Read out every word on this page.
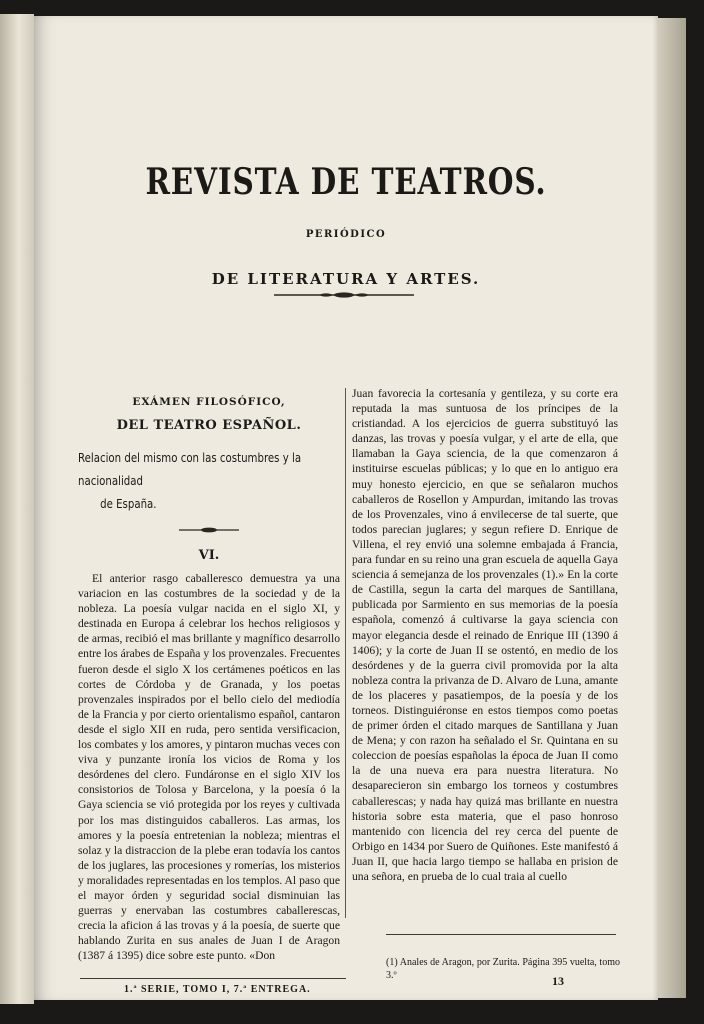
REVISTA DE TEATROS.
PERIÓDICO
DE LITERATURA Y ARTES.
EXÁMEN FILOSÓFICO,
DEL TEATRO ESPAÑOL.
Relacion del mismo con las costumbres y la nacionalidad
de España.
VI.

El anterior rasgo caballeresco demuestra ya una variacion en las costumbres de la sociedad y de la nobleza. La poesía vulgar nacida en el siglo XI, y destinada en Europa á celebrar los hechos religiosos y de armas, recibió el mas brillante y magnífico desarrollo entre los árabes de España y los provenzales. Frecuentes fueron desde el siglo X los certámenes poéticos en las cortes de Córdoba y de Granada, y los poetas provenzales inspirados por el bello cielo del mediodía de la Francia y por cierto orientalismo español, cantaron desde el siglo XII en ruda, pero sentida versificacion, los combates y los amores, y pintaron muchas veces con viva y punzante ironía los vicios de Roma y los desórdenes del clero. Fundáronse en el siglo XIV los consistorios de Tolosa y Barcelona, y la poesía ó la Gaya sciencia se vió protegida por los reyes y cultivada por los mas distinguidos caballeros. Las armas, los amores y la poesía entretenian la nobleza; mientras el solaz y la distraccion de la plebe eran todavía los cantos de los juglares, las procesiones y romerías, los misterios y moralidades representadas en los templos. Al paso que el mayor órden y seguridad social disminuian las guerras y enervaban las costumbres caballerescas, crecia la aficion á las trovas y á la poesía, de suerte que hablando Zurita en sus anales de Juan I de Aragon (1387 á 1395) dice sobre este punto. «Don

Juan favorecia la cortesanía y gentileza, y su corte era reputada la mas suntuosa de los príncipes de la cristiandad. A los ejercicios de guerra substituyó las danzas, las trovas y poesía vulgar, y el arte de ella, que llamaban la Gaya sciencia, de la que comenzaron á instituirse escuelas públicas; y lo que en lo antiguo era muy honesto ejercicio, en que se señalaron muchos caballeros de Rosellon y Ampurdan, imitando las trovas de los Provenzales, vino á envilecerse de tal suerte, que todos parecian juglares; y segun refiere D. Enrique de Villena, el rey envió una solemne embajada á Francia, para fundar en su reino una gran escuela de aquella Gaya sciencia á semejanza de los provenzales (1).» En la corte de Castilla, segun la carta del marques de Santillana, publicada por Sarmiento en sus memorias de la poesía española, comenzó á cultivarse la gaya sciencia con mayor elegancia desde el reinado de Enrique III (1390 á 1406); y la corte de Juan II se ostentó, en medio de los desórdenes y de la guerra civil promovida por la alta nobleza contra la privanza de D. Alvaro de Luna, amante de los placeres y pasatiempos, de la poesía y de los torneos. Distinguiéronse en estos tiempos como poetas de primer órden el citado marques de Santillana y Juan de Mena; y con razon ha señalado el Sr. Quintana en su coleccion de poesías españolas la época de Juan II como la de una nueva era para nuestra literatura. No desaparecieron sin embargo los torneos y costumbres caballerescas; y nada hay quizá mas brillante en nuestra historia sobre esta materia, que el paso honroso mantenido con licencia del rey cerca del puente de Orbigo en 1434 por Suero de Quiñones. Este manifestó á Juan II, que hacia largo tiempo se hallaba en prision de una señora, en prueba de lo cual traia al cuello

(1) Anales de Aragon, por Zurita. Página 395 vuelta, tomo 3.º
1.ª SERIE, TOMO I, 7.ª ENTREGA.
13
